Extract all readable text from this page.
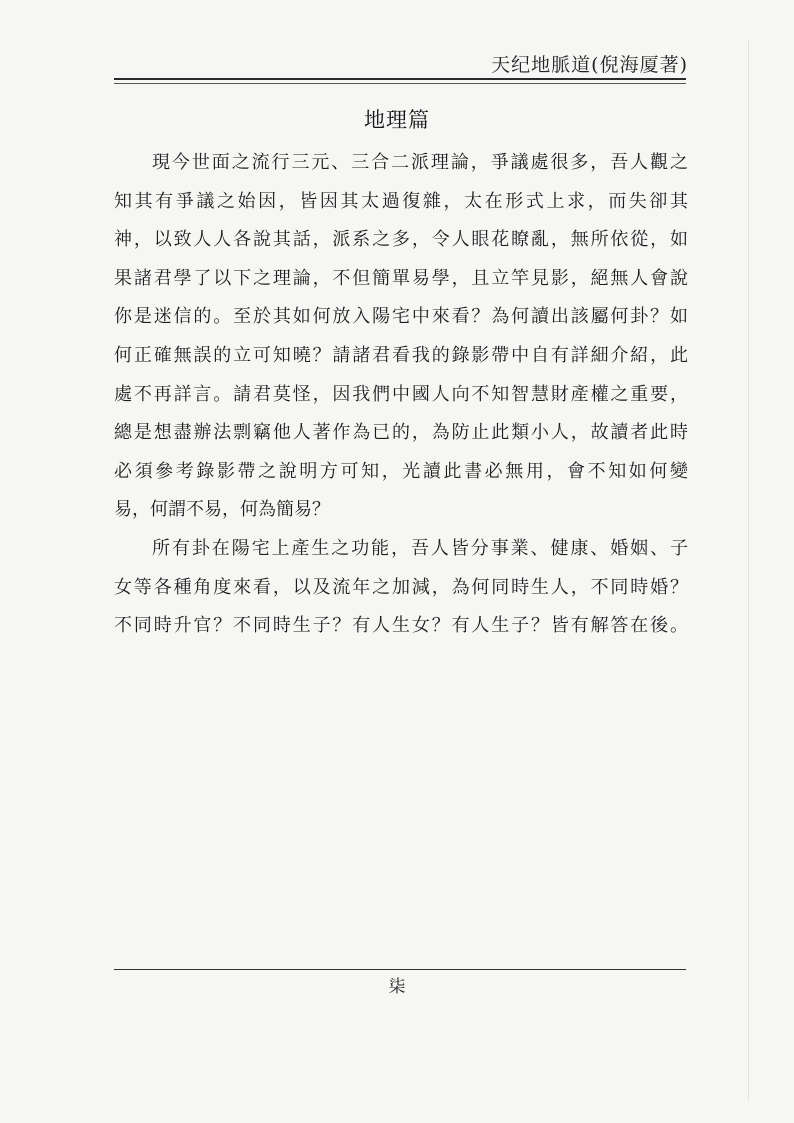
天纪地脈道(倪海厦著)
地理篇
現今世面之流行三元、三合二派理論，爭議處很多，吾人觀之
知其有爭議之始因，皆因其太過復雜，太在形式上求，而失卻其
神，以致人人各說其話，派系之多，令人眼花瞭亂，無所依從，如
果諸君學了以下之理論，不但簡單易學，且立竿見影，絕無人會說
你是迷信的。至於其如何放入陽宅中來看？為何讀出該屬何卦？如
何正確無誤的立可知曉？請諸君看我的錄影帶中自有詳細介紹，此
處不再詳言。請君莫怪，因我們中國人向不知智慧財產權之重要，
總是想盡辦法剽竊他人著作為已的，為防止此類小人，故讀者此時
必須參考錄影帶之說明方可知，光讀此書必無用，會不知如何變
易，何謂不易，何為簡易？
所有卦在陽宅上產生之功能，吾人皆分事業、健康、婚姻、子
女等各種角度來看，以及流年之加減，為何同時生人，不同時婚？
不同時升官？不同時生子？有人生女？有人生子？皆有解答在後。
柒
